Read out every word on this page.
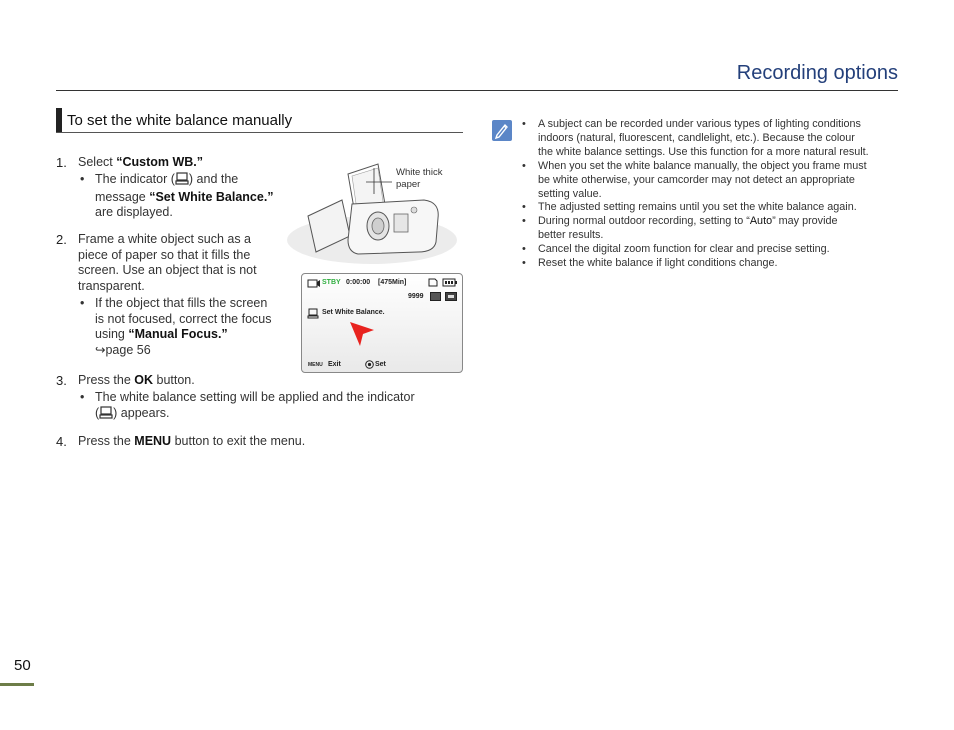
Recording options
To set the white balance manually
1. Select “Custom WB.”
• The indicator ( ) and the
message “Set White Balance.”
are displayed.
2. Frame a white object such as a
piece of paper so that it fills the
screen. Use an object that is not
transparent.
• If the object that fills the screen
is not focused, correct the focus
using “Manual Focus.”
↪page 56
3. Press the OK button.
• The white balance setting will be applied and the indicator
( ) appears.
4. Press the MENU button to exit the menu.
White thick
paper
STBY 0:00:00 [475Min]
9999
Set White Balance.
MENU Exit	Set
• A subject can be recorded under various types of lighting conditions
indoors (natural, fluorescent, candlelight, etc.). Because the colour
the white balance settings. Use this function for a more natural result.
• When you set the white balance manually, the object you frame must
be white otherwise, your camcorder may not detect an appropriate
setting value.
• The adjusted setting remains until you set the white balance again.
• During normal outdoor recording, setting to “Auto” may provide
better results.
• Cancel the digital zoom function for clear and precise setting.
• Reset the white balance if light conditions change.
50
